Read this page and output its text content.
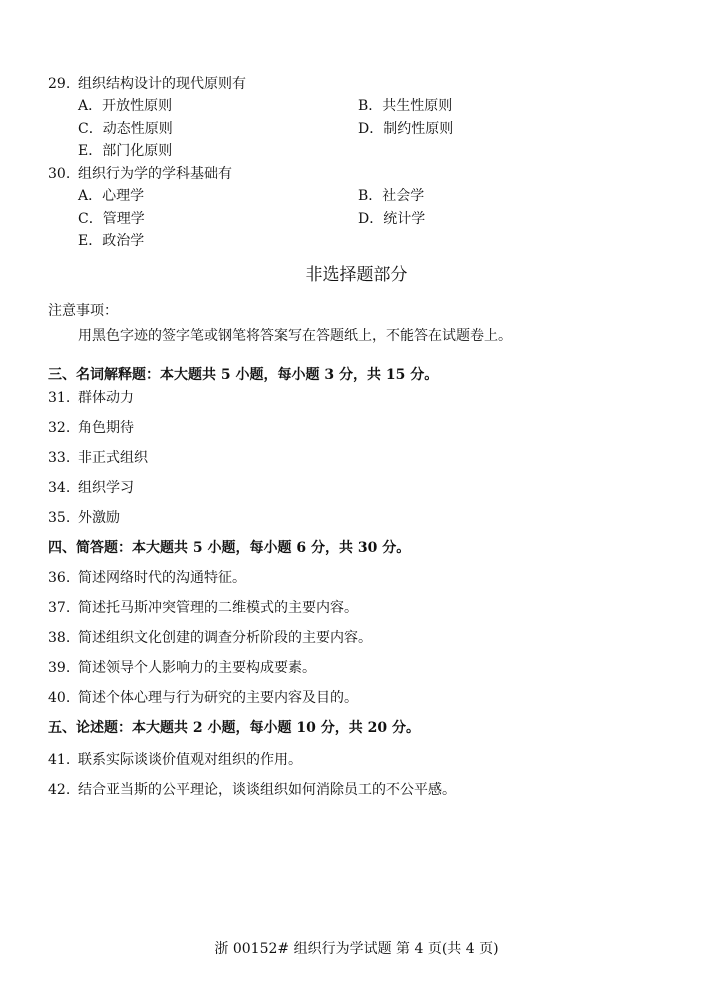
29. 组织结构设计的现代原则有
A．开放性原则	B．共生性原则
C．动态性原则	D．制约性原则
E．部门化原则
30. 组织行为学的学科基础有
A．心理学	B．社会学
C．管理学	D．统计学
E．政治学
非选择题部分
注意事项：
用黑色字迹的签字笔或钢笔将答案写在答题纸上，不能答在试题卷上。
三、名词解释题：本大题共 5 小题，每小题 3 分，共 15 分。
31. 群体动力
32. 角色期待
33. 非正式组织
34. 组织学习
35. 外激励
四、简答题：本大题共 5 小题，每小题 6 分，共 30 分。
36. 简述网络时代的沟通特征。
37. 简述托马斯冲突管理的二维模式的主要内容。
38. 简述组织文化创建的调查分析阶段的主要内容。
39. 简述领导个人影响力的主要构成要素。
40. 简述个体心理与行为研究的主要内容及目的。
五、论述题：本大题共 2 小题，每小题 10 分，共 20 分。
41. 联系实际谈谈价值观对组织的作用。
42. 结合亚当斯的公平理论，谈谈组织如何消除员工的不公平感。
浙 00152# 组织行为学试题 第 4 页(共 4 页)
